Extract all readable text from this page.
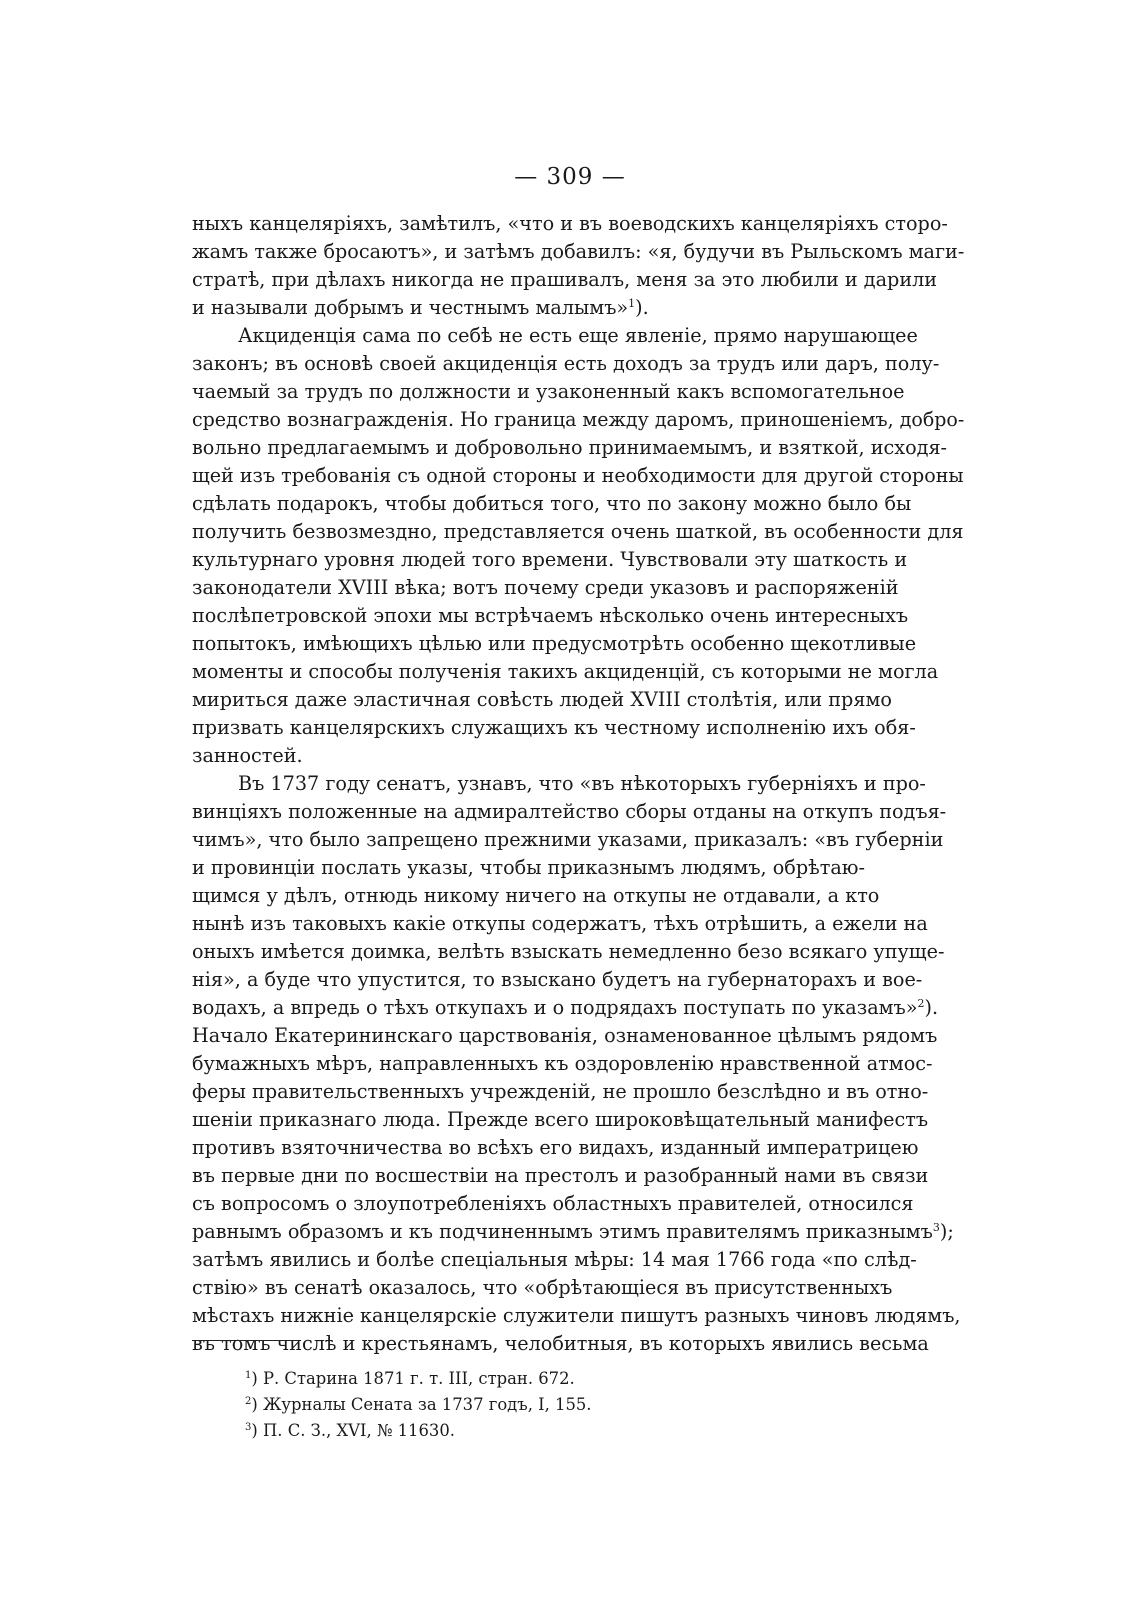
— 309 —
ныхъ канцеляріяхъ, замѣтилъ, «что и въ воеводскихъ канцеляріяхъ сторо-
жамъ также бросаютъ», и затѣмъ добавилъ: «я, будучи въ Рыльскомъ маги-
cтратѣ, при дѣлахъ никогда не прашивалъ, меня за это любили и дарили
и называли добрымъ и честнымъ малымъ»$^1$).
Акциденція сама по себѣ не есть еще явленіе, прямо нарушающее
законъ; въ основѣ своей акциденція есть доходъ за трудъ или даръ, полу-
чаемый за трудъ по должности и узаконенный какъ вспомогательное
средство вознагражденія. Но граница между даромъ, приношеніемъ, добро-
вольно предлагаемымъ и добровольно принимаемымъ, и взяткой, исходя-
щей изъ требованія съ одной стороны и необходимости для другой стороны
сдѣлать подарокъ, чтобы добиться того, что по закону можно было бы
получить безвозмездно, представляется очень шаткой, въ особенности для
культурнаго уровня людей того времени. Чувствовали эту шаткость и
законодатели XVIII вѣка; вотъ почему среди указовъ и распоряженій
послѣпетровской эпохи мы встрѣчаемъ нѣсколько очень интересныхъ
попытокъ, имѣющихъ цѣлью или предусмотрѣть особенно щекотливые
моменты и способы полученія такихъ акциденцій, съ которыми не могла
мириться даже эластичная совѣсть людей XVIII столѣтія, или прямо
призвать канцелярскихъ служащихъ къ честному исполненію ихъ обя-
занностей.
Въ 1737 году сенатъ, узнавъ, что «въ нѣкоторыхъ губерніяхъ и про-
винціяхъ положенные на адмиралтейство сборы отданы на откупъ подъя-
чимъ», что было запрещено прежними указами, приказалъ: «въ губерніи
и провинціи послать указы, чтобы приказнымъ людямъ, обрѣтаю-
щимся у дѣлъ, отнюдь никому ничего на откупы не отдавали, а кто
нынѣ изъ таковыхъ какіе откупы содержатъ, тѣхъ отрѣшить, а ежели на
оныхъ имѣется доимка, велѣть взыскать немедленно безо всякаго упуще-
нія», а буде что упустится, то взыскано будетъ на губернаторахъ и вое-
водахъ, а впредь о тѣхъ откупахъ и о подрядахъ поступать по указамъ»$^2$).
Начало Екатерининскаго царствованія, ознаменованное цѣлымъ рядомъ
бумажныхъ мѣръ, направленныхъ къ оздоровленію нравственной атмос-
феры правительственныхъ учрежденій, не прошло безслѣдно и въ отно-
шеніи приказнаго люда. Прежде всего широковѣщательный манифестъ
противъ взяточничества во всѣхъ его видахъ, изданный императрицею
въ первые дни по восшествіи на престолъ и разобранный нами въ связи
съ вопросомъ о злоупотребленіяхъ областныхъ правителей, относился
равнымъ образомъ и къ подчиненнымъ этимъ правителямъ приказнымъ$^3$);
затѣмъ явились и болѣе спеціальныя мѣры: 14 мая 1766 года «по слѣд-
ствію» въ сенатѣ оказалось, что «обрѣтающіеся въ присутственныхъ
мѣстахъ нижніе канцелярскіе служители пишутъ разныхъ чиновъ людямъ,
въ томъ числѣ и крестьянамъ, челобитныя, въ которыхъ явились весьма
$^1$) Р. Старина 1871 г. т. III, стран. 672.
$^2$) Журналы Сената за 1737 годъ, I, 155.
$^3$) П. С. З., XVI, № 11630.
